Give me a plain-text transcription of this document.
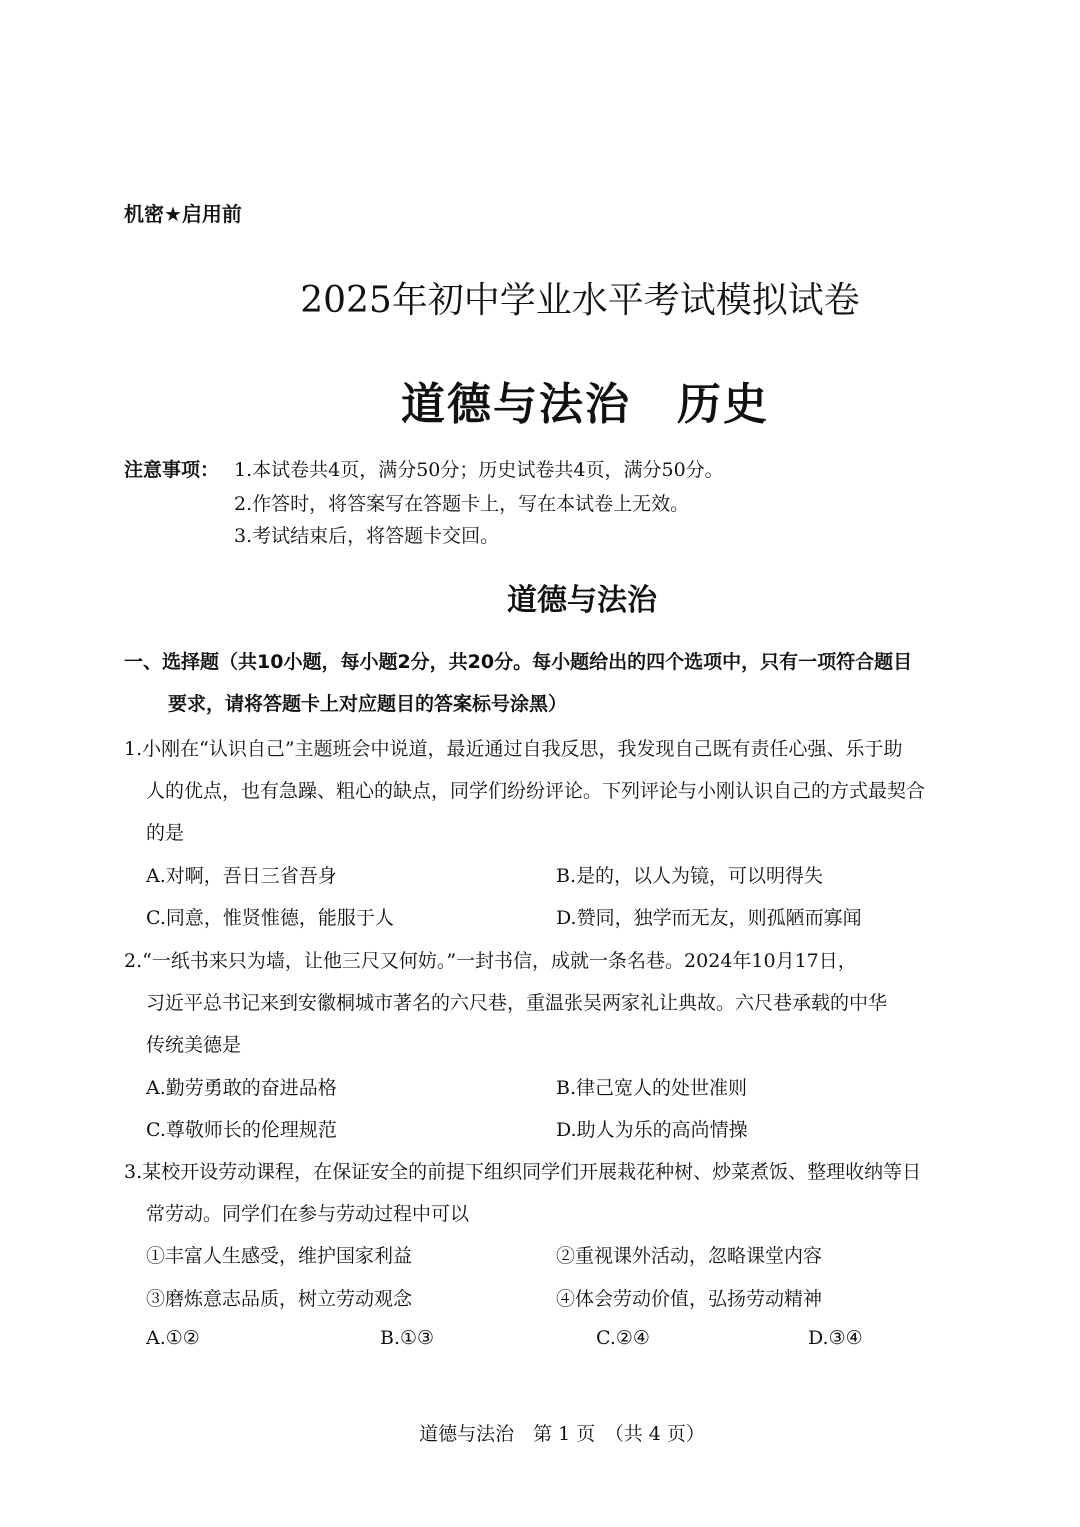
机密★启用前
2025年初中学业水平考试模拟试卷
道德与法治　历史
注意事项： 1.本试卷共4页，满分50分；历史试卷共4页，满分50分。
2.作答时，将答案写在答题卡上，写在本试卷上无效。
3.考试结束后，将答题卡交回。
道德与法治
一、选择题（共10小题，每小题2分，共20分。每小题给出的四个选项中，只有一项符合题目
要求，请将答题卡上对应题目的答案标号涂黑）
1.小刚在“认识自己”主题班会中说道，最近通过自我反思，我发现自己既有责任心强、乐于助
人的优点，也有急躁、粗心的缺点，同学们纷纷评论。下列评论与小刚认识自己的方式最契合
的是
A.对啊，吾日三省吾身	B.是的，以人为镜，可以明得失
C.同意，惟贤惟德，能服于人	D.赞同，独学而无友，则孤陋而寡闻
2.“一纸书来只为墙，让他三尺又何妨。”一封书信，成就一条名巷。2024年10月17日，
习近平总书记来到安徽桐城市著名的六尺巷，重温张吴两家礼让典故。六尺巷承载的中华
传统美德是
A.勤劳勇敢的奋进品格	B.律己宽人的处世准则
C.尊敬师长的伦理规范	D.助人为乐的高尚情操
3.某校开设劳动课程，在保证安全的前提下组织同学们开展栽花种树、炒菜煮饭、整理收纳等日
常劳动。同学们在参与劳动过程中可以
①丰富人生感受，维护国家利益	②重视课外活动，忽略课堂内容
③磨炼意志品质，树立劳动观念	④体会劳动价值，弘扬劳动精神
A.①②	B.①③	C.②④	D.③④
道德与法治　第 1 页　（共 4 页）
